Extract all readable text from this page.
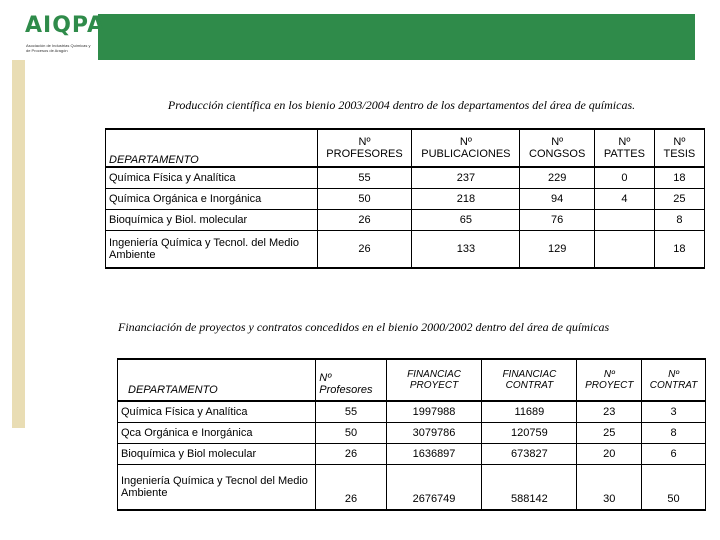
AIQPA
Asociación de Industrias Químicas y de Procesos de Aragón
Producción científica en los bienio 2003/2004 dentro de los departamentos del área de químicas.
DEPARTAMENTO	Nº PROFESORES	Nº PUBLICACIONES	Nº CONGSOS	Nº PATTES	Nº TESIS
Química Física y Analítica	55	237	229	0	18
Química Orgánica e Inorgánica	50	218	94	4	25
Bioquímica y Biol. molecular	26	65	76		8
Ingeniería Química y Tecnol. del Medio Ambiente	26	133	129		18
Financiación de proyectos y contratos concedidos en el bienio 2000/2002 dentro del área de químicas
DEPARTAMENTO	Nº Profesores	FINANCIAC PROYECT	FINANCIAC CONTRAT	Nº PROYECT	Nº CONTRAT
Química Física y Analítica	55	1997988	11689	23	3
Qca Orgánica e Inorgánica	50	3079786	120759	25	8
Bioquímica y Biol molecular	26	1636897	673827	20	6
Ingeniería Química y Tecnol del Medio Ambiente	26	2676749	588142	30	50
